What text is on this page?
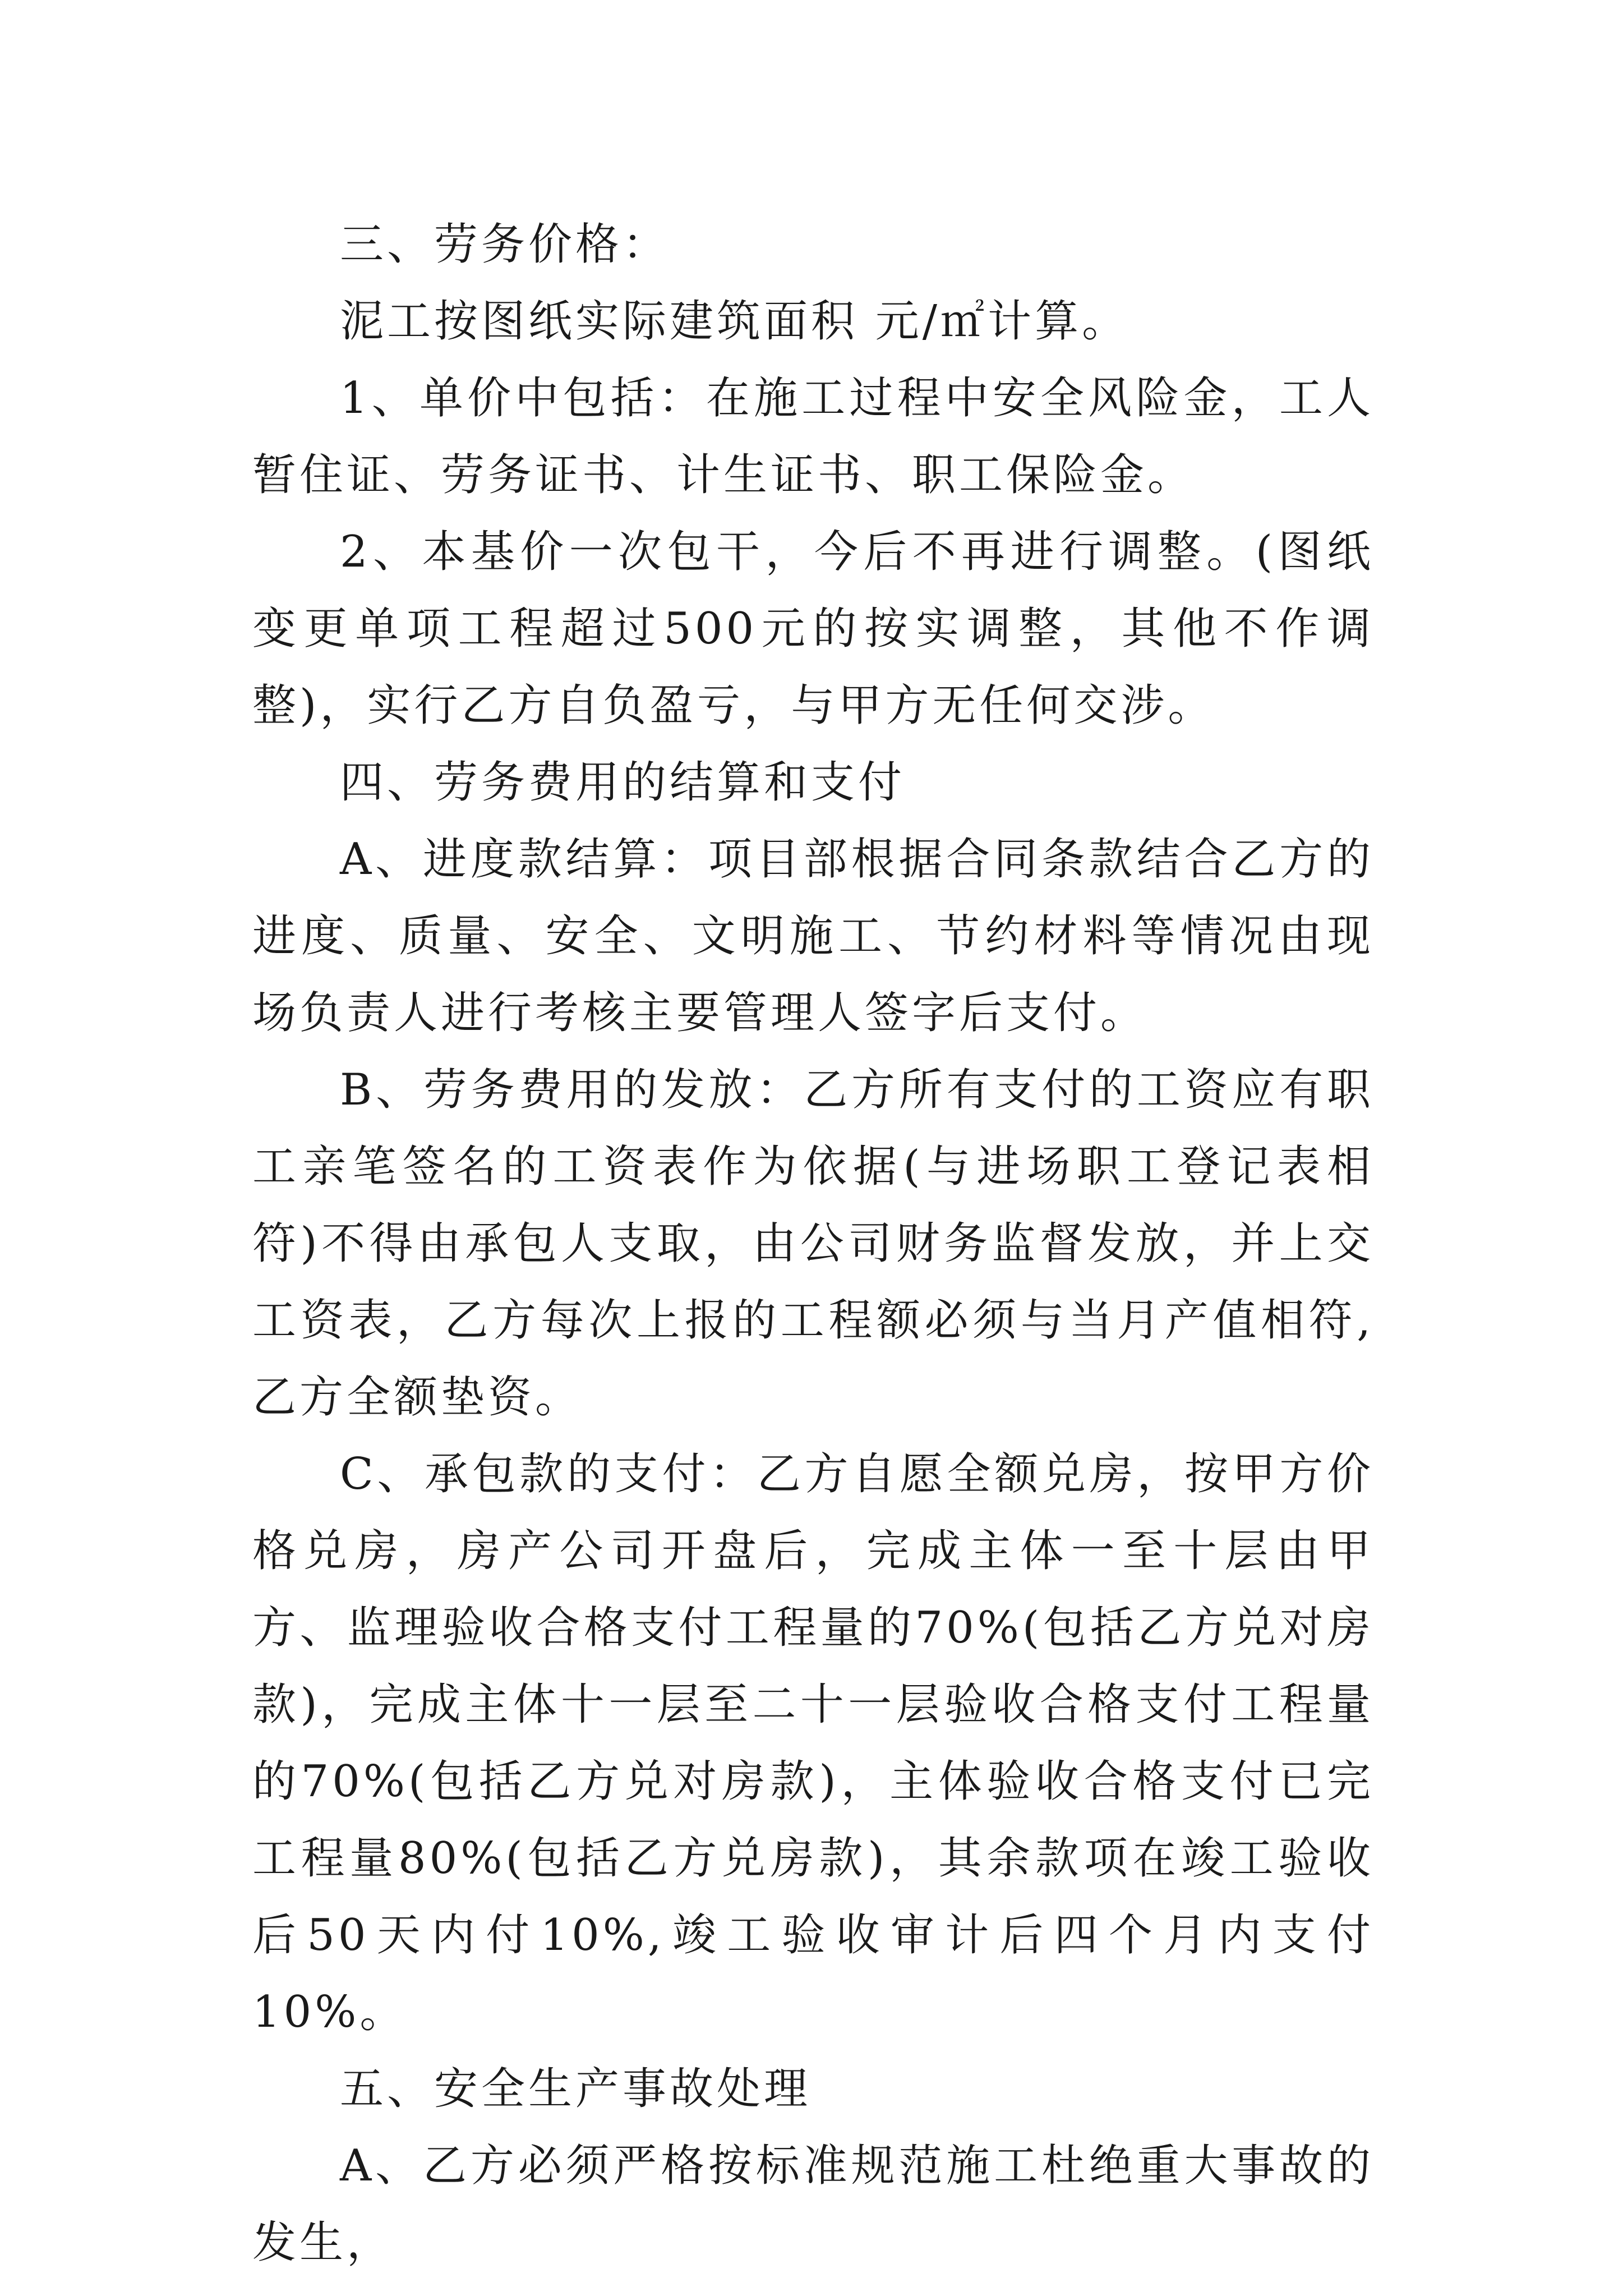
三、劳务价格：

泥工按图纸实际建筑面积 元/㎡计算。

1、单价中包括：在施工过程中安全风险金，工人暂住证、劳务证书、计生证书、职工保险金。

2、本基价一次包干，今后不再进行调整。(图纸变更单项工程超过500元的按实调整，其他不作调整)，实行乙方自负盈亏，与甲方无任何交涉。

四、劳务费用的结算和支付

A、进度款结算：项目部根据合同条款结合乙方的进度、质量、安全、文明施工、节约材料等情况由现场负责人进行考核主要管理人签字后支付。

B、劳务费用的发放：乙方所有支付的工资应有职工亲笔签名的工资表作为依据(与进场职工登记表相符)不得由承包人支取，由公司财务监督发放，并上交工资表，乙方每次上报的工程额必须与当月产值相符,乙方全额垫资。

C、承包款的支付：乙方自愿全额兑房，按甲方价格兑房，房产公司开盘后，完成主体一至十层由甲方、监理验收合格支付工程量的70%(包括乙方兑对房款)，完成主体十一层至二十一层验收合格支付工程量的70%(包括乙方兑对房款)，主体验收合格支付已完工程量80%(包括乙方兑房款)，其余款项在竣工验收后50天内付10%,竣工验收审计后四个月内支付10%。

五、安全生产事故处理

A、乙方必须严格按标准规范施工杜绝重大事故的发生，
